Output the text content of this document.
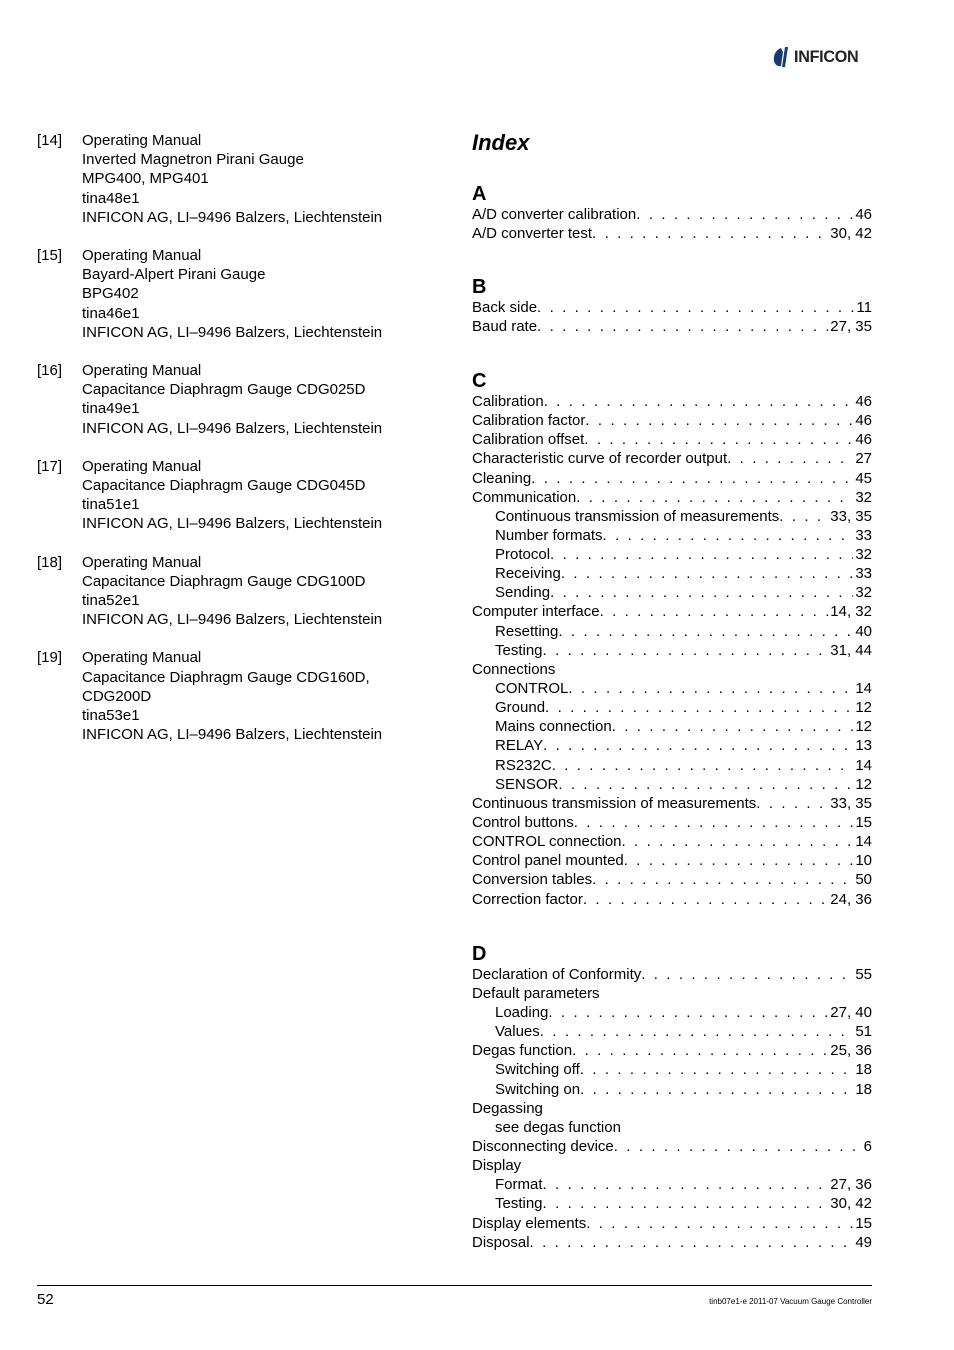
INFICON
[14]	Operating Manual
Inverted Magnetron Pirani Gauge
MPG400, MPG401
tina48e1
INFICON AG, LI–9496 Balzers, Liechtenstein
[15]	Operating Manual
Bayard-Alpert Pirani Gauge
BPG402
tina46e1
INFICON AG, LI–9496 Balzers, Liechtenstein
[16]	Operating Manual
Capacitance Diaphragm Gauge CDG025D
tina49e1
INFICON AG, LI–9496 Balzers, Liechtenstein
[17]	Operating Manual
Capacitance Diaphragm Gauge CDG045D
tina51e1
INFICON AG, LI–9496 Balzers, Liechtenstein
[18]	Operating Manual
Capacitance Diaphragm Gauge CDG100D
tina52e1
INFICON AG, LI–9496 Balzers, Liechtenstein
[19]	Operating Manual
Capacitance Diaphragm Gauge CDG160D,
CDG200D
tina53e1
INFICON AG, LI–9496 Balzers, Liechtenstein
Index
A
A/D converter calibration . . .	46
A/D converter test . . .	30, 42
B
Back side . . .	11
Baud rate . . .	27, 35
C
Calibration . . .	46
Calibration factor . . .	46
Calibration offset . . .	46
Characteristic curve of recorder output . . .	27
Cleaning . . .	45
Communication . . .	32
Continuous transmission of measurements . . .	33, 35
Number formats . . .	33
Protocol . . .	32
Receiving . . .	33
Sending . . .	32
Computer interface . . .	14, 32
Resetting . . .	40
Testing . . .	31, 44
Connections
CONTROL . . .	14
Ground . . .	12
Mains connection . . .	12
RELAY . . .	13
RS232C . . .	14
SENSOR . . .	12
Continuous transmission of measurements . . .	33, 35
Control buttons . . .	15
CONTROL connection . . .	14
Control panel mounted . . .	10
Conversion tables . . .	50
Correction factor . . .	24, 36
D
Declaration of Conformity . . .	55
Default parameters
Loading . . .	27, 40
Values . . .	51
Degas function . . .	25, 36
Switching off . . .	18
Switching on . . .	18
Degassing
see degas function
Disconnecting device . . .	6
Display
Format . . .	27, 36
Testing . . .	30, 42
Display elements . . .	15
Disposal . . .	49
52	tinb07e1-e 2011-07 Vacuum Gauge Controller
